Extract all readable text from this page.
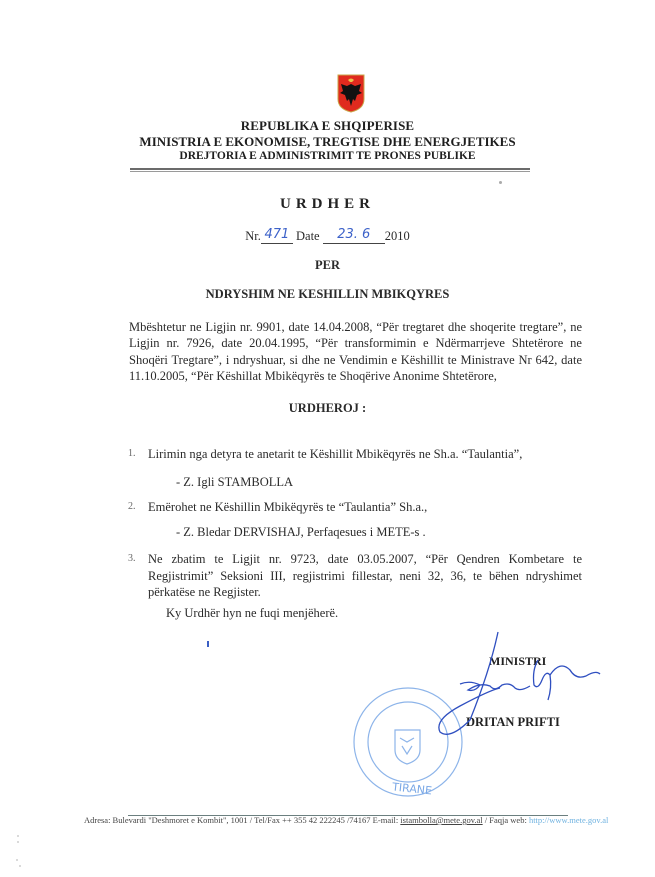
REPUBLIKA E SHQIPERISE
MINISTRIA E EKONOMISE, TREGTISE DHE ENERGJETIKES
DREJTORIA E ADMINISTRIMIT TE PRONES PUBLIKE
URDHER
Nr. 471 Date 23. 6 2010
PER
NDRYSHIM NE KESHILLIN MBIKQYRES
Mbështetur ne Ligjin nr. 9901, date 14.04.2008, “Për tregtaret dhe shoqerite tregtare”, ne Ligjin nr. 7926, date 20.04.1995, “Për transformimin e Ndërmarrjeve Shtetërore ne Shoqëri Tregtare”, i ndryshuar, si dhe ne Vendimin e Këshillit te Ministrave Nr 642, date 11.10.2005, “Për Këshillat Mbikëqyrës te Shoqërive Anonime Shtetërore,
URDHEROJ :
1. Lirimin nga detyra te anetarit te Këshillit Mbikëqyrës ne Sh.a. “Taulantia”,
- Z. Igli STAMBOLLA
2. Emërohet ne Këshillin Mbikëqyrës te “Taulantia” Sh.a.,
- Z. Bledar DERVISHAJ, Perfaqesues i METE-s .
3. Ne zbatim te Ligjit nr. 9723, date 03.05.2007, “Për Qendren Kombetare te Regjistrimit” Seksioni III, regjistrimi fillestar, neni 32, 36, te bëhen ndryshimet përkatëse ne Regjister.
Ky Urdhër hyn ne fuqi menjëherë.
TIRANE
MINISTRI
DRITAN PRIFTI
Adresa: Bulevardi "Deshmoret e Kombit", 1001 / Tel/Fax ++ 355 42 222245 /74167 E-mail: istambolla@mete.gov.al / Faqja web: http://www.mete.gov.al
